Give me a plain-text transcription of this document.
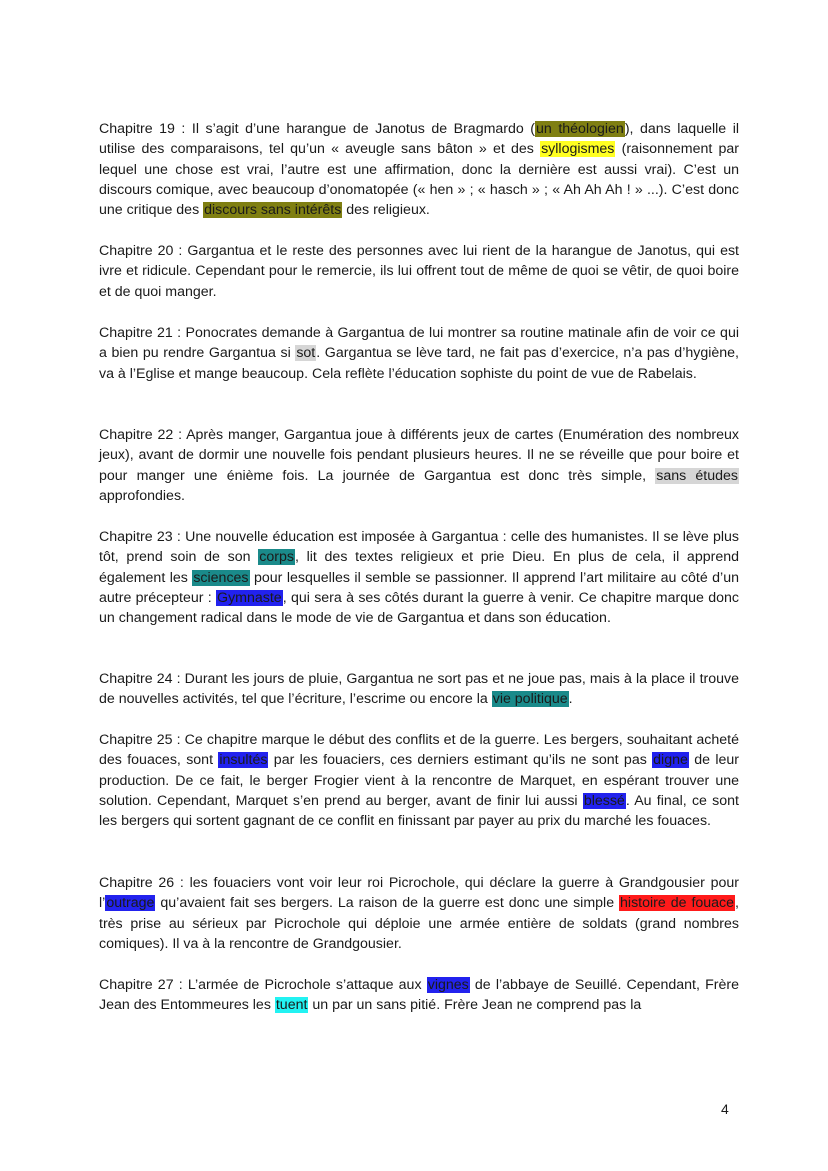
Chapitre 19 : Il s’agit d’une harangue de Janotus de Bragmardo (un théologien), dans laquelle il utilise des comparaisons, tel qu’un « aveugle sans bâton » et des syllogismes (raisonnement par lequel une chose est vrai, l’autre est une affirmation, donc la dernière est aussi vrai). C’est un discours comique, avec beaucoup d’onomatopée (« hen » ; « hasch » ; « Ah Ah Ah ! » ...). C’est donc une critique des discours sans intérêts des religieux.

Chapitre 20 : Gargantua et le reste des personnes avec lui rient de la harangue de Janotus, qui est ivre et ridicule. Cependant pour le remercie, ils lui offrent tout de même de quoi se vêtir, de quoi boire et de quoi manger.

Chapitre 21 : Ponocrates demande à Gargantua de lui montrer sa routine matinale afin de voir ce qui a bien pu rendre Gargantua si sot. Gargantua se lève tard, ne fait pas d’exercice, n’a pas d’hygiène, va à l’Eglise et mange beaucoup. Cela reflète l’éducation sophiste du point de vue de Rabelais.

Chapitre 22 : Après manger, Gargantua joue à différents jeux de cartes (Enumération des nombreux jeux), avant de dormir une nouvelle fois pendant plusieurs heures. Il ne se réveille que pour boire et pour manger une énième fois. La journée de Gargantua est donc très simple, sans études approfondies.

Chapitre 23 : Une nouvelle éducation est imposée à Gargantua : celle des humanistes. Il se lève plus tôt, prend soin de son corps, lit des textes religieux et prie Dieu. En plus de cela, il apprend également les sciences pour lesquelles il semble se passionner. Il apprend l’art militaire au côté d’un autre précepteur : Gymnaste, qui sera à ses côtés durant la guerre à venir. Ce chapitre marque donc un changement radical dans le mode de vie de Gargantua et dans son éducation.

Chapitre 24 : Durant les jours de pluie, Gargantua ne sort pas et ne joue pas, mais à la place il trouve de nouvelles activités, tel que l’écriture, l’escrime ou encore la vie politique.

Chapitre 25 : Ce chapitre marque le début des conflits et de la guerre. Les bergers, souhaitant acheté des fouaces, sont insultés par les fouaciers, ces derniers estimant qu’ils ne sont pas digne de leur production. De ce fait, le berger Frogier vient à la rencontre de Marquet, en espérant trouver une solution. Cependant, Marquet s’en prend au berger, avant de finir lui aussi blessé. Au final, ce sont les bergers qui sortent gagnant de ce conflit en finissant par payer au prix du marché les fouaces.

Chapitre 26 : les fouaciers vont voir leur roi Picrochole, qui déclare la guerre à Grandgousier pour l’outrage qu’avaient fait ses bergers. La raison de la guerre est donc une simple histoire de fouace, très prise au sérieux par Picrochole qui déploie une armée entière de soldats (grand nombres comiques). Il va à la rencontre de Grandgousier.

Chapitre 27 : L’armée de Picrochole s’attaque aux vignes de l’abbaye de Seuillé. Cependant, Frère Jean des Entommeures les tuent un par un sans pitié. Frère Jean ne comprend pas la

4
